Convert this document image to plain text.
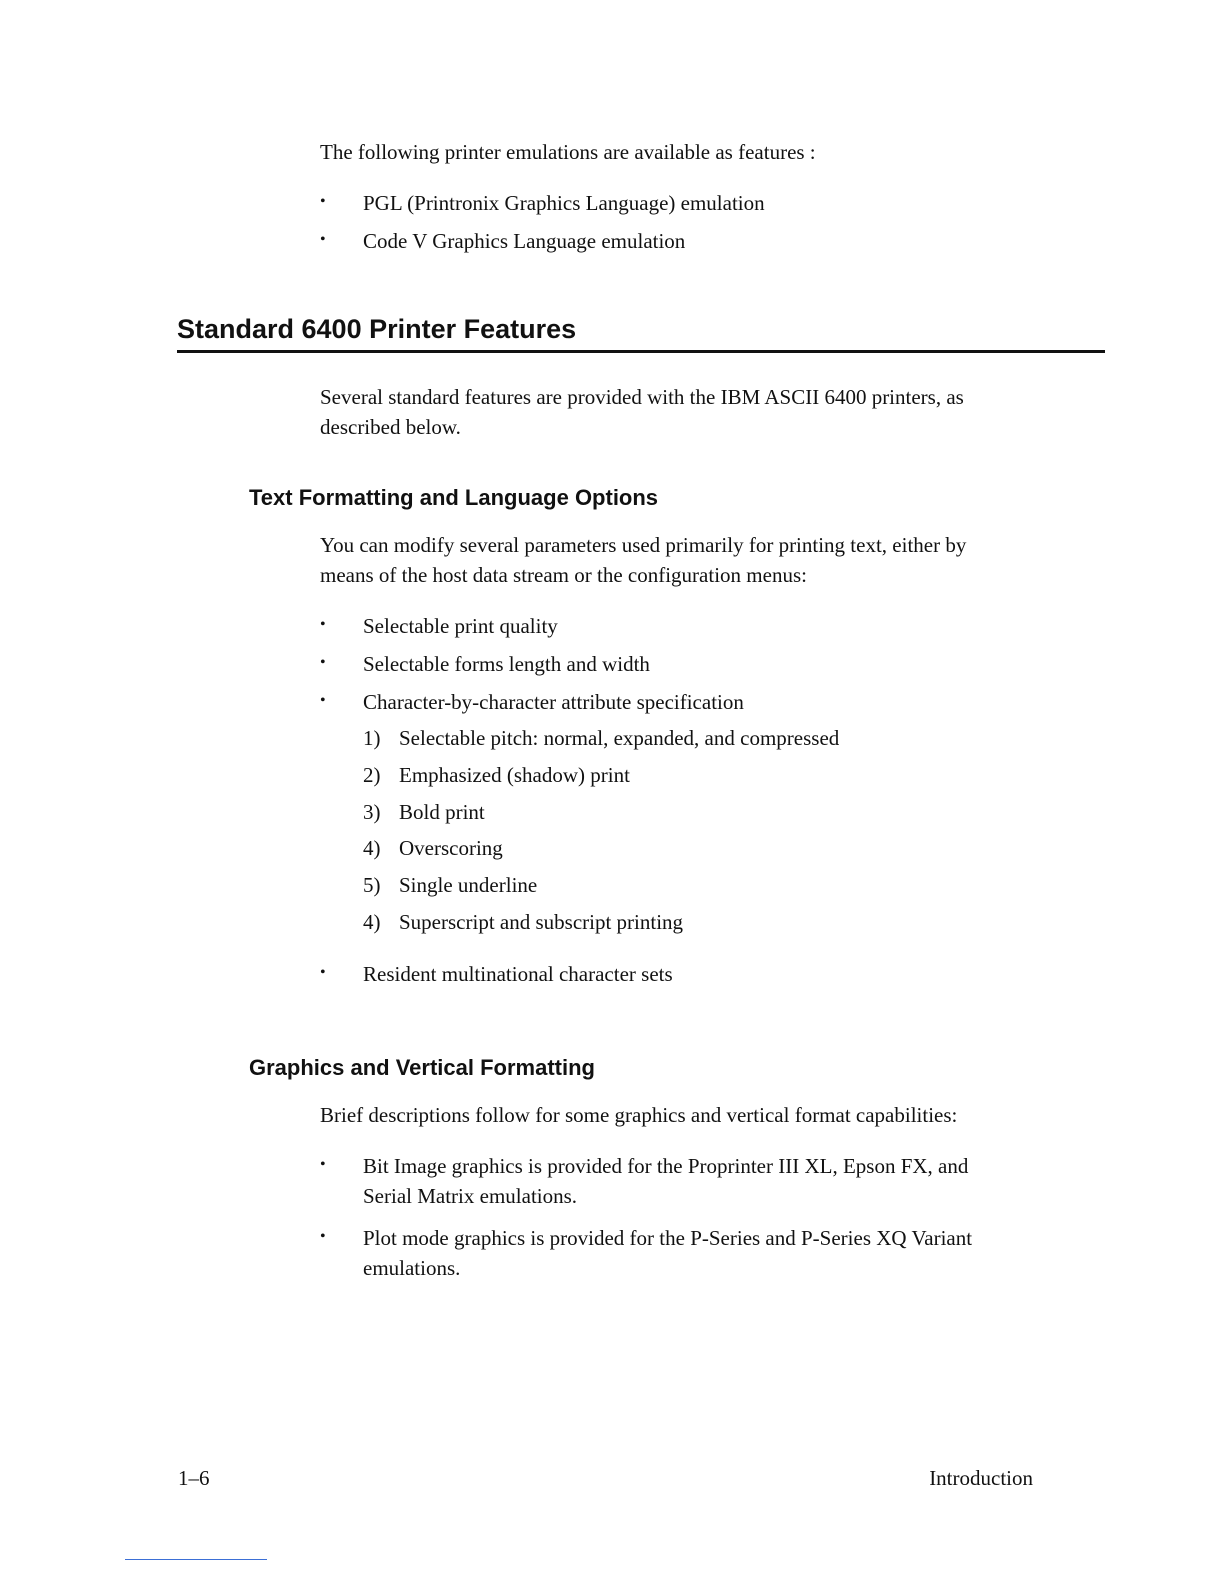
The following printer emulations are available as features :
• PGL (Printronix Graphics Language) emulation
• Code V Graphics Language emulation
Standard 6400 Printer Features
Several standard features are provided with the IBM ASCII 6400 printers, as
described below.
Text Formatting and Language Options
You can modify several parameters used primarily for printing text, either by
means of the host data stream or the configuration menus:
• Selectable print quality
• Selectable forms length and width
• Character-by-character attribute specification
1) Selectable pitch: normal, expanded, and compressed
2) Emphasized (shadow) print
3) Bold print
4) Overscoring
5) Single underline
4) Superscript and subscript printing
• Resident multinational character sets
Graphics and Vertical Formatting
Brief descriptions follow for some graphics and vertical format capabilities:
• Bit Image graphics is provided for the Proprinter III XL, Epson FX, and
Serial Matrix emulations.
• Plot mode graphics is provided for the P-Series and P-Series XQ Variant
emulations.
1–6	Introduction
